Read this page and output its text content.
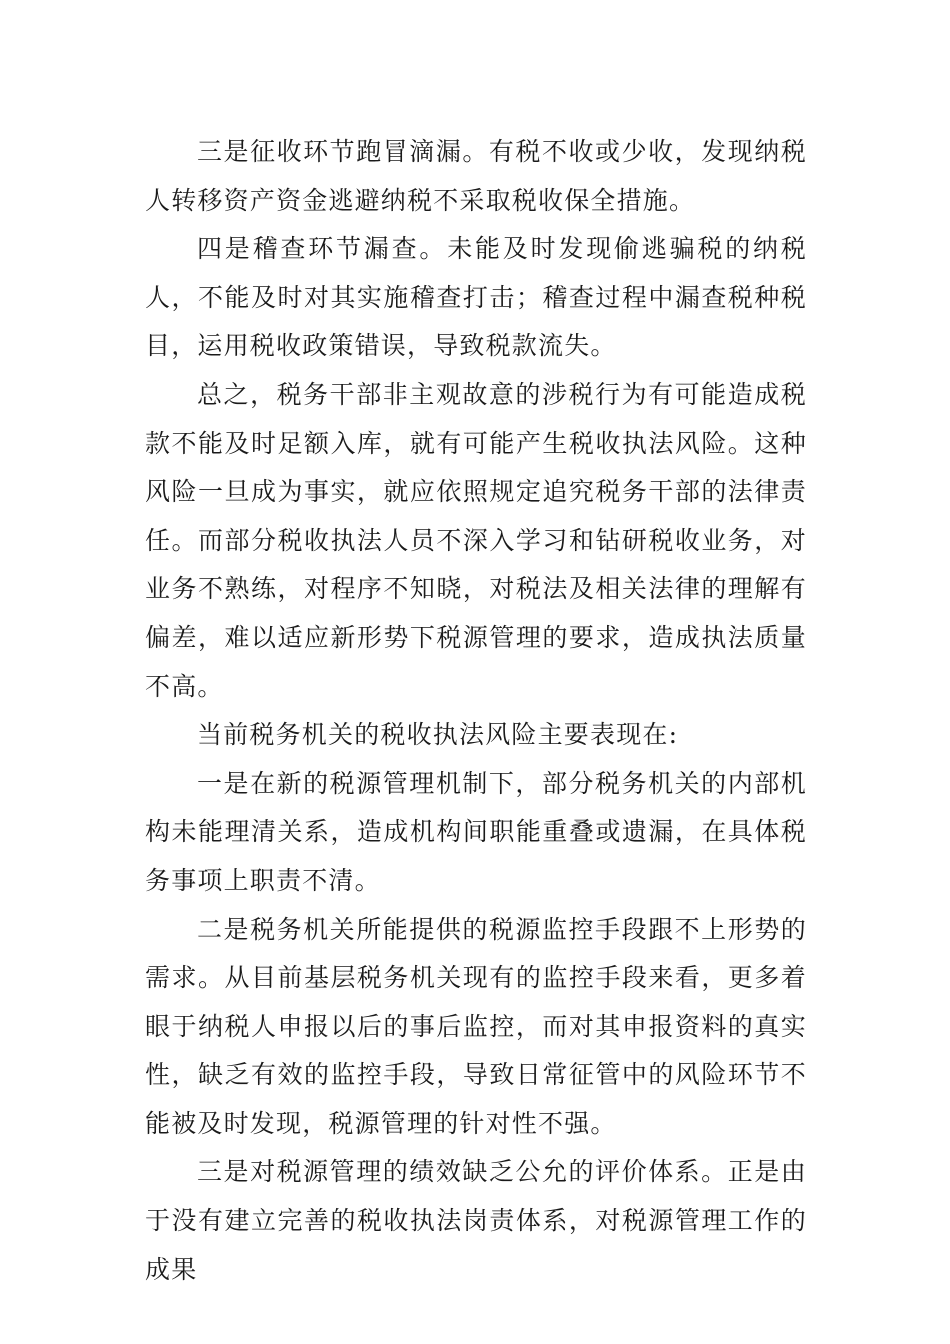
三是征收环节跑冒滴漏。有税不收或少收，发现纳税人转移资产资金逃避纳税不采取税收保全措施。

四是稽查环节漏查。未能及时发现偷逃骗税的纳税人，不能及时对其实施稽查打击；稽查过程中漏查税种税目，运用税收政策错误，导致税款流失。

总之，税务干部非主观故意的涉税行为有可能造成税款不能及时足额入库，就有可能产生税收执法风险。这种风险一旦成为事实，就应依照规定追究税务干部的法律责任。而部分税收执法人员不深入学习和钻研税收业务，对业务不熟练，对程序不知晓，对税法及相关法律的理解有偏差，难以适应新形势下税源管理的要求，造成执法质量不高。

当前税务机关的税收执法风险主要表现在:

一是在新的税源管理机制下，部分税务机关的内部机构未能理清关系，造成机构间职能重叠或遗漏，在具体税务事项上职责不清。

二是税务机关所能提供的税源监控手段跟不上形势的需求。从目前基层税务机关现有的监控手段来看，更多着眼于纳税人申报以后的事后监控，而对其申报资料的真实性，缺乏有效的监控手段，导致日常征管中的风险环节不能被及时发现，税源管理的针对性不强。

三是对税源管理的绩效缺乏公允的评价体系。正是由于没有建立完善的税收执法岗责体系，对税源管理工作的成果
